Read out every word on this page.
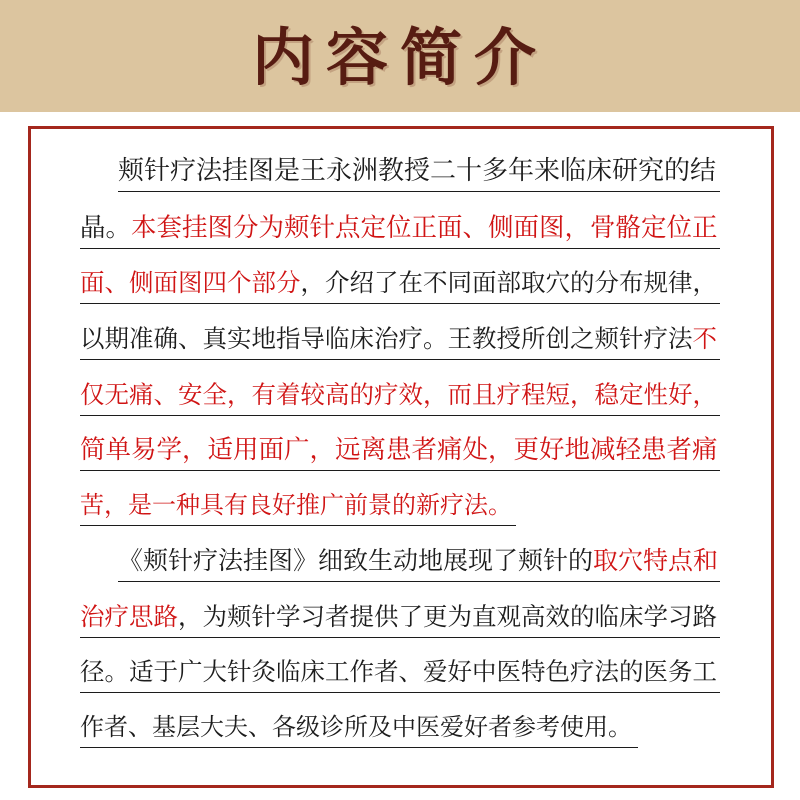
内容简介
颊针疗法挂图是王永洲教授二十多年来临床研究的结
晶。本套挂图分为颊针点定位正面、侧面图，骨骼定位正
面、侧面图四个部分，介绍了在不同面部取穴的分布规律，
以期准确、真实地指导临床治疗。王教授所创之颊针疗法不
仅无痛、安全，有着较高的疗效，而且疗程短，稳定性好，
简单易学，适用面广，远离患者痛处，更好地减轻患者痛
苦，是一种具有良好推广前景的新疗法。
《颊针疗法挂图》细致生动地展现了颊针的取穴特点和
治疗思路，为颊针学习者提供了更为直观高效的临床学习路
径。适于广大针灸临床工作者、爱好中医特色疗法的医务工
作者、基层大夫、各级诊所及中医爱好者参考使用。
